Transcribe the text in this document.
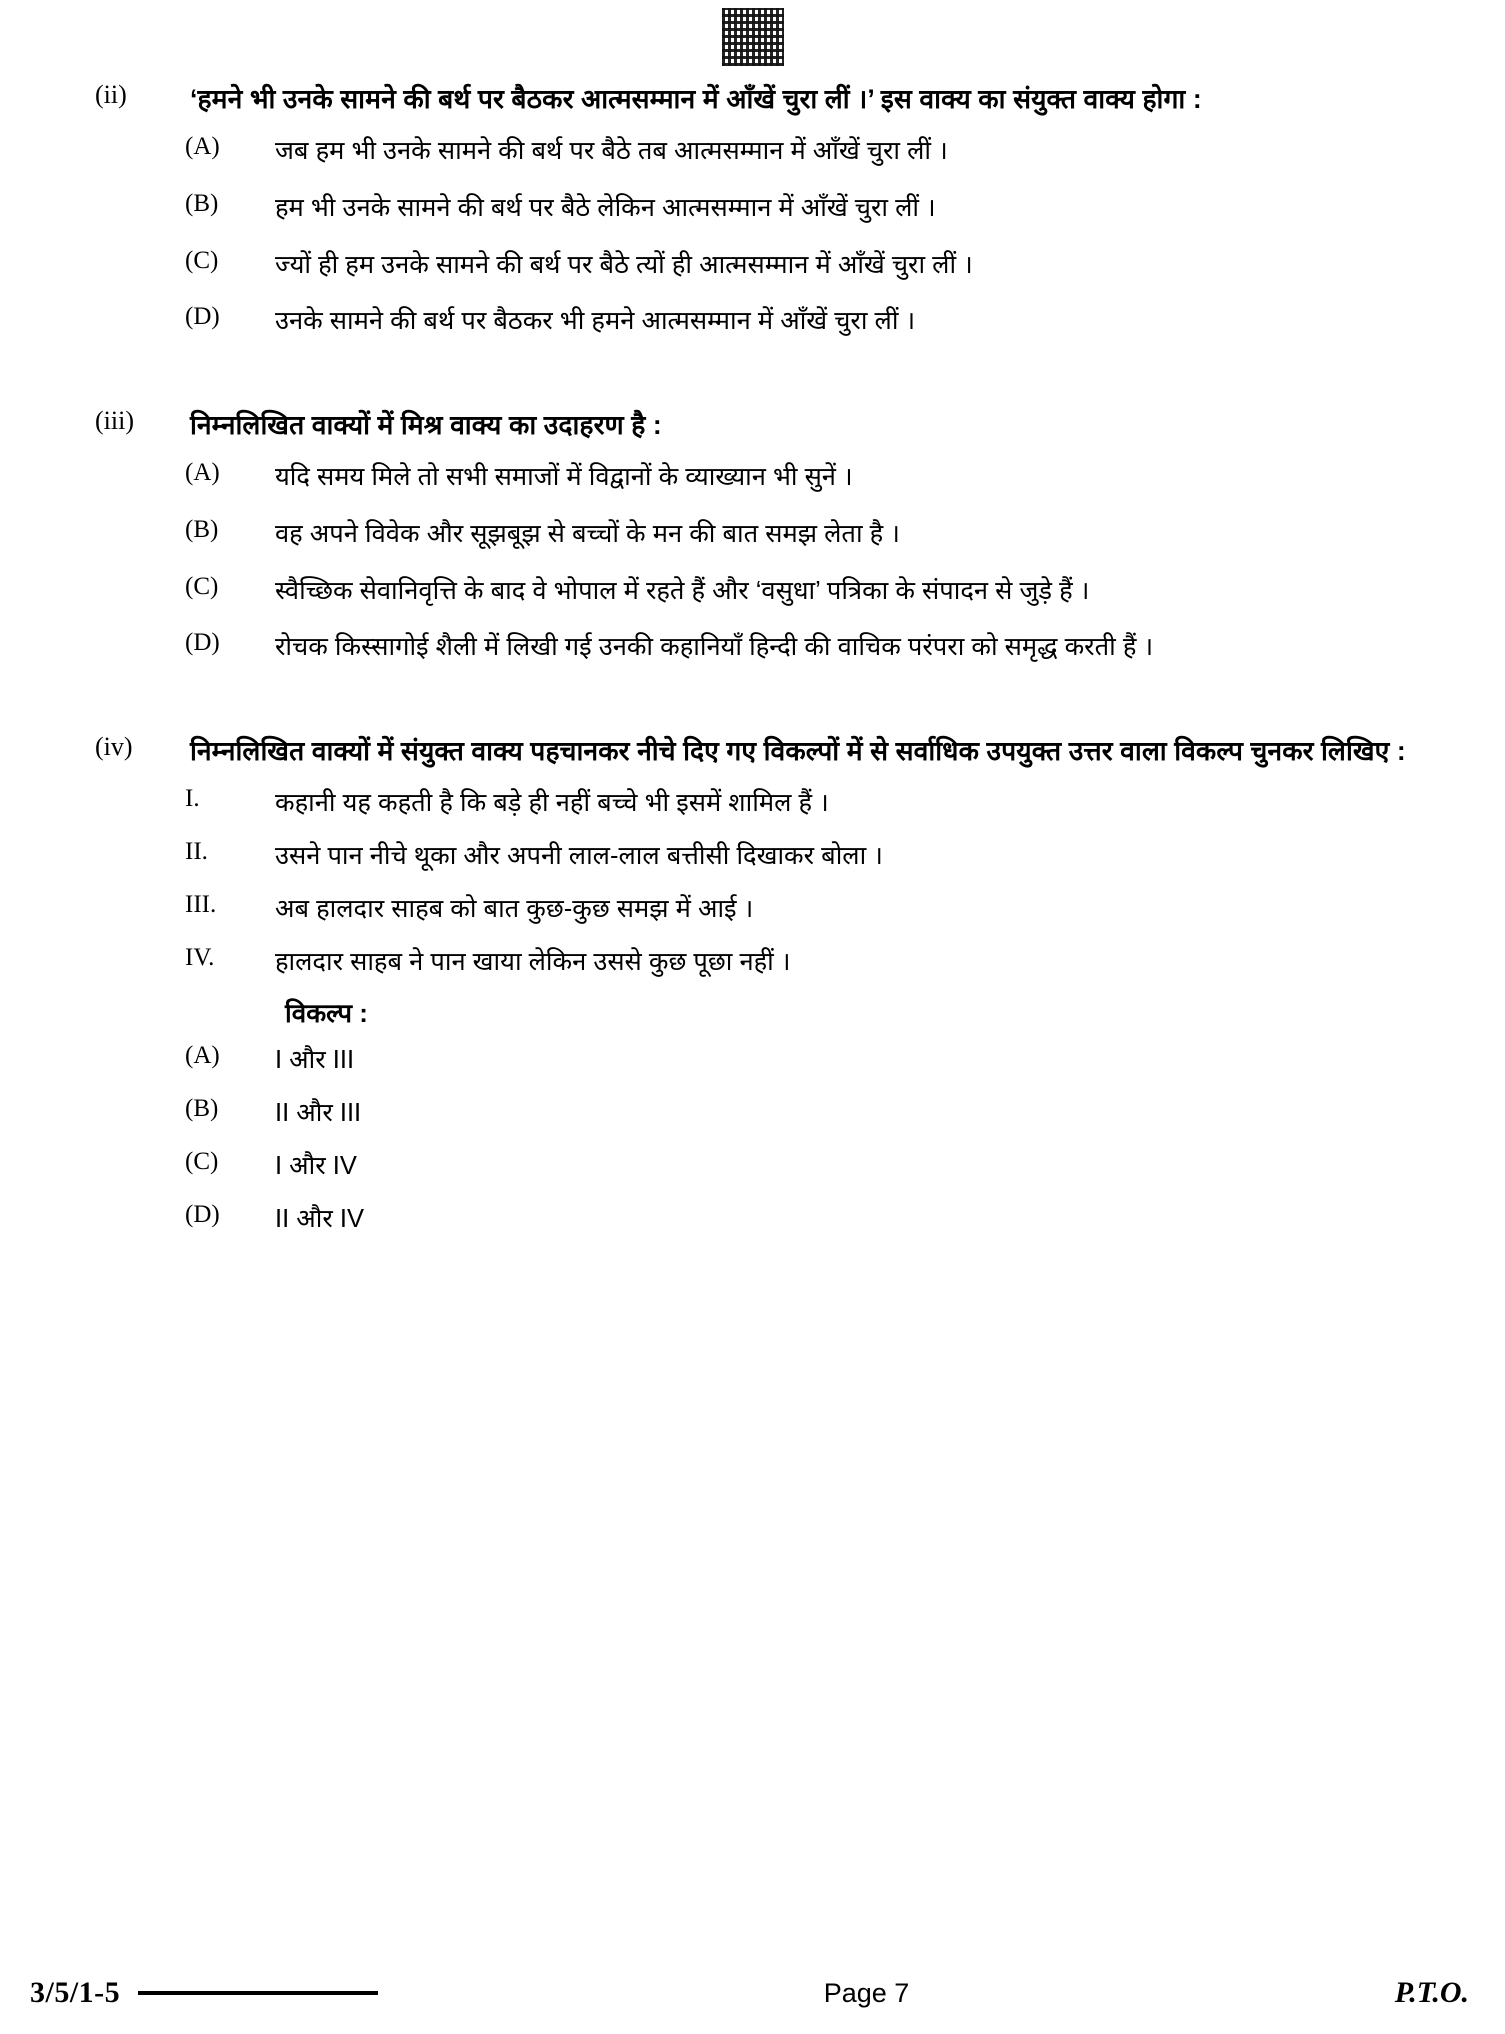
(ii)	‘हमने भी उनके सामने की बर्थ पर बैठकर आत्मसम्मान में आँखें चुरा लीं ।’ इस वाक्य का संयुक्त वाक्य होगा :
(A)	जब हम भी उनके सामने की बर्थ पर बैठे तब आत्मसम्मान में आँखें चुरा लीं ।
(B)	हम भी उनके सामने की बर्थ पर बैठे लेकिन आत्मसम्मान में आँखें चुरा लीं ।
(C)	ज्यों ही हम उनके सामने की बर्थ पर बैठे त्यों ही आत्मसम्मान में आँखें चुरा लीं ।
(D)	उनके सामने की बर्थ पर बैठकर भी हमने आत्मसम्मान में आँखें चुरा लीं ।
(iii)	निम्नलिखित वाक्यों में मिश्र वाक्य का उदाहरण है :
(A)	यदि समय मिले तो सभी समाजों में विद्वानों के व्याख्यान भी सुनें ।
(B)	वह अपने विवेक और सूझबूझ से बच्चों के मन की बात समझ लेता है ।
(C)	स्वैच्छिक सेवानिवृत्ति के बाद वे भोपाल में रहते हैं और ‘वसुधा’ पत्रिका के संपादन से जुड़े हैं ।
(D)	रोचक किस्सागोई शैली में लिखी गई उनकी कहानियाँ हिन्दी की वाचिक परंपरा को समृद्ध करती हैं ।
(iv)	निम्नलिखित वाक्यों में संयुक्त वाक्य पहचानकर नीचे दिए गए विकल्पों में से सर्वाधिक उपयुक्त उत्तर वाला विकल्प चुनकर लिखिए :
I.	कहानी यह कहती है कि बड़े ही नहीं बच्चे भी इसमें शामिल हैं ।
II.	उसने पान नीचे थूका और अपनी लाल-लाल बत्तीसी दिखाकर बोला ।
III.	अब हालदार साहब को बात कुछ-कुछ समझ में आई ।
IV.	हालदार साहब ने पान खाया लेकिन उससे कुछ पूछा नहीं ।
विकल्प :
(A)	I और III
(B)	II और III
(C)	I और IV
(D)	II और IV
3/5/1-5	Page 7	P.T.O.
